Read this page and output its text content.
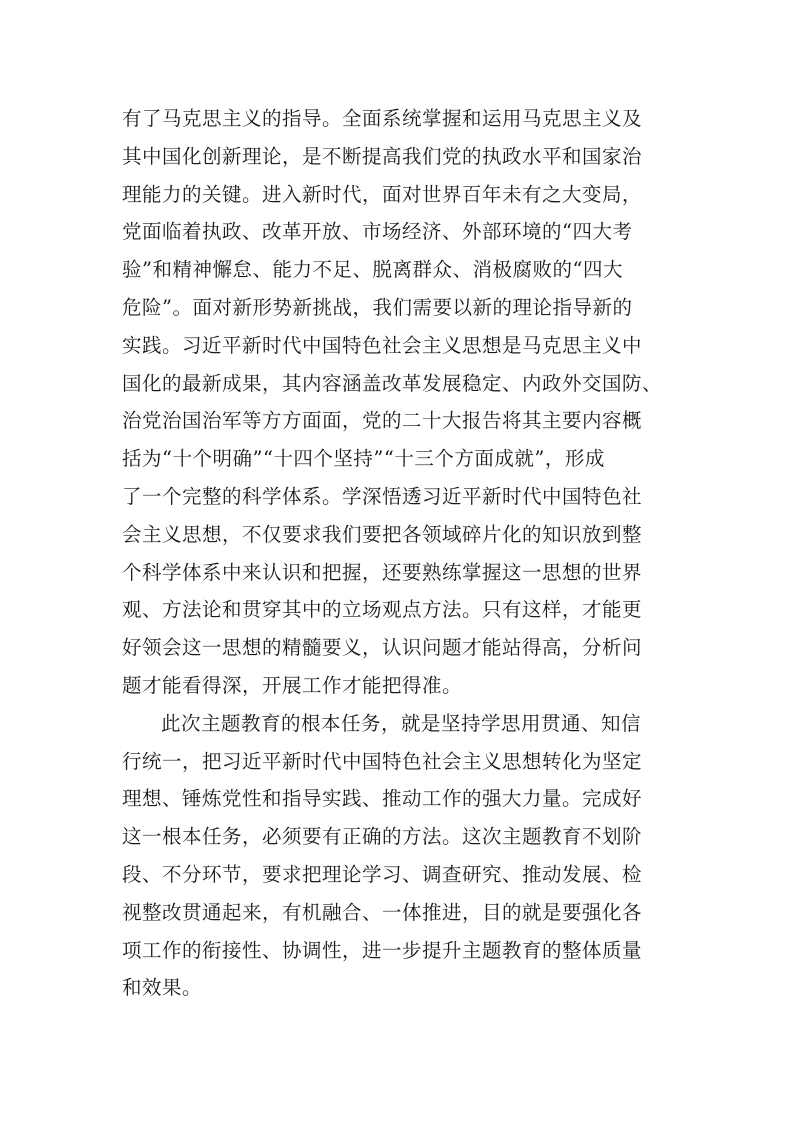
有了马克思主义的指导。全面系统掌握和运用马克思主义及
其中国化创新理论，是不断提高我们党的执政水平和国家治
理能力的关键。进入新时代，面对世界百年未有之大变局，
党面临着执政、改革开放、市场经济、外部环境的“四大考
验”和精神懈怠、能力不足、脱离群众、消极腐败的“四大
危险”。面对新形势新挑战，我们需要以新的理论指导新的
实践。习近平新时代中国特色社会主义思想是马克思主义中
国化的最新成果，其内容涵盖改革发展稳定、内政外交国防、
治党治国治军等方方面面，党的二十大报告将其主要内容概
括为“十个明确”“十四个坚持”“十三个方面成就”，形成
了一个完整的科学体系。学深悟透习近平新时代中国特色社
会主义思想，不仅要求我们要把各领域碎片化的知识放到整
个科学体系中来认识和把握，还要熟练掌握这一思想的世界
观、方法论和贯穿其中的立场观点方法。只有这样，才能更
好领会这一思想的精髓要义，认识问题才能站得高，分析问
题才能看得深，开展工作才能把得准。
此次主题教育的根本任务，就是坚持学思用贯通、知信
行统一，把习近平新时代中国特色社会主义思想转化为坚定
理想、锤炼党性和指导实践、推动工作的强大力量。完成好
这一根本任务，必须要有正确的方法。这次主题教育不划阶
段、不分环节，要求把理论学习、调查研究、推动发展、检
视整改贯通起来，有机融合、一体推进，目的就是要强化各
项工作的衔接性、协调性，进一步提升主题教育的整体质量
和效果。
